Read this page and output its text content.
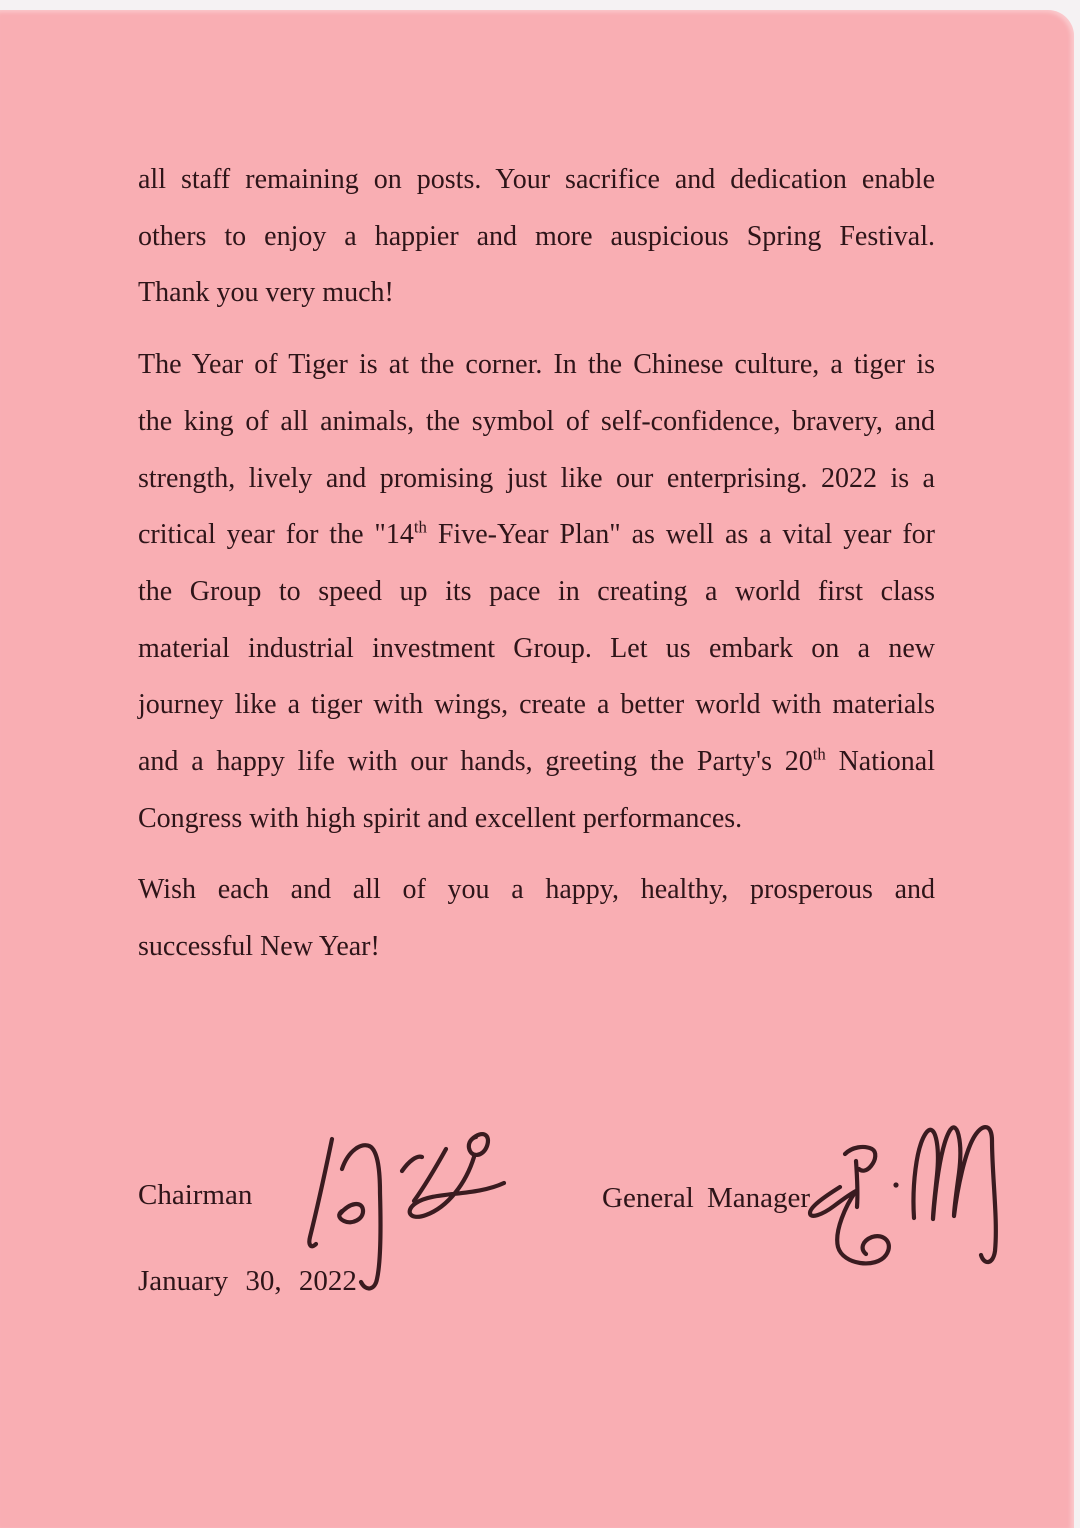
all staff remaining on posts. Your sacrifice and dedication enable
others to enjoy a happier and more auspicious Spring Festival.
Thank you very much!
The Year of Tiger is at the corner. In the Chinese culture, a tiger is
the king of all animals, the symbol of self-confidence, bravery, and
strength, lively and promising just like our enterprising. 2022 is a
critical year for the "14th Five-Year Plan" as well as a vital year for
the Group to speed up its pace in creating a world first class
material industrial investment Group. Let us embark on a new
journey like a tiger with wings, create a better world with materials
and a happy life with our hands, greeting the Party's 20th National
Congress with high spirit and excellent performances.
Wish each and all of you a happy, healthy, prosperous and
successful New Year!
Chairman	General Manager
January 30, 2022
